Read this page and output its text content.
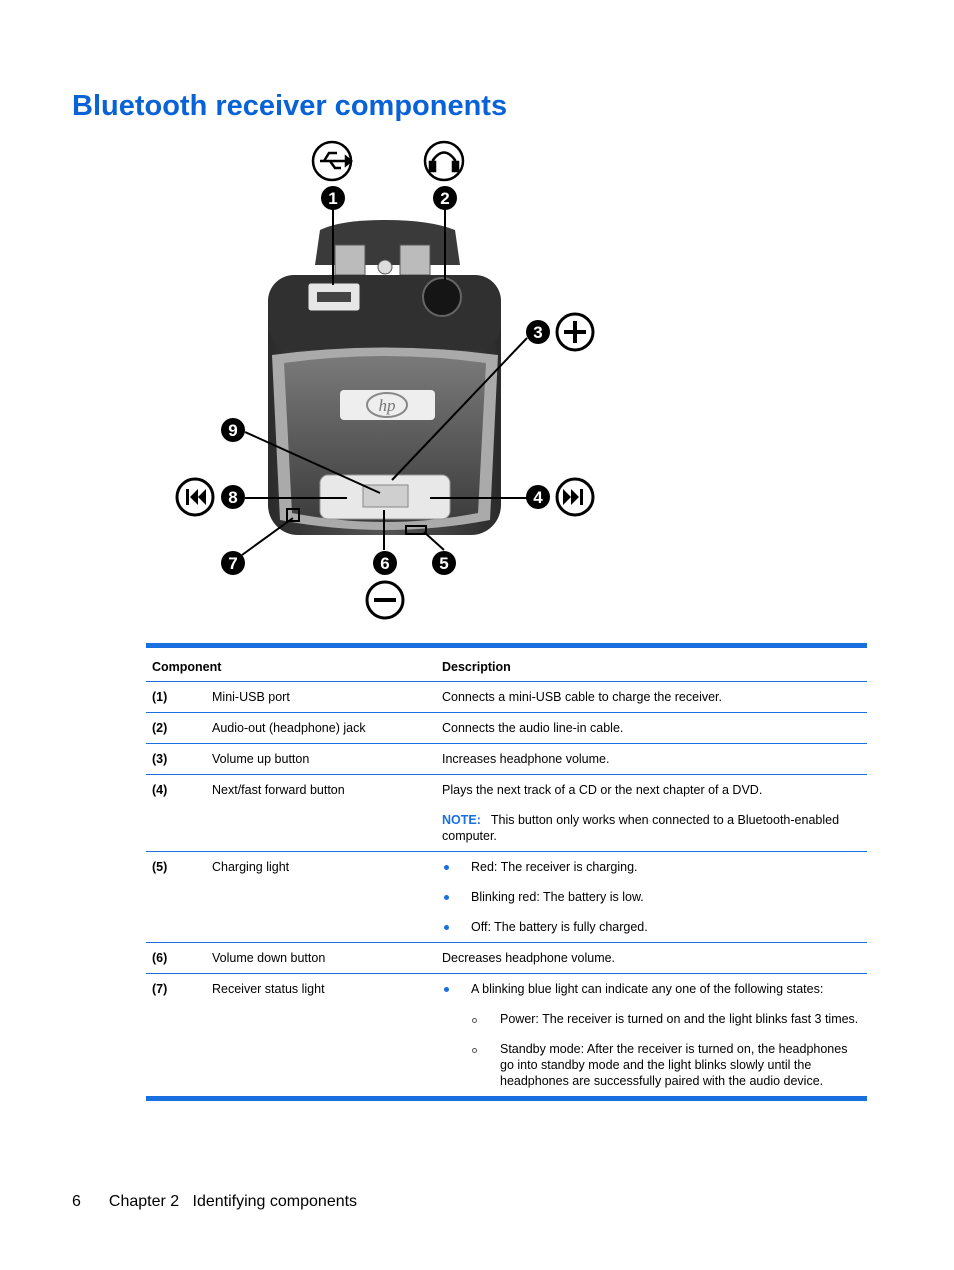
Bluetooth receiver components
hp
1	2
3
4
5
6
7
8
9
Component		Description
(1)	Mini-USB port	Connects a mini-USB cable to charge the receiver.
(2)	Audio-out (headphone) jack	Connects the audio line-in cable.
(3)	Volume up button	Increases headphone volume.
(4)	Next/fast forward button	Plays the next track of a CD or the next chapter of a DVD.

NOTE: This button only works when connected to a Bluetooth-enabled computer.

(5)	Charging light	Red: The receiver is charging.

Blinking red: The battery is low.

Off: The battery is fully charged.

(6)	Volume down button	Decreases headphone volume.
(7)	Receiver status light	A blinking blue light can indicate any one of the following states:

Power: The receiver is turned on and the light blinks fast 3 times.

Standby mode: After the receiver is turned on, the headphones go into standby mode and the light blinks slowly until the headphones are successfully paired with the audio device.

6 Chapter 2   Identifying components
